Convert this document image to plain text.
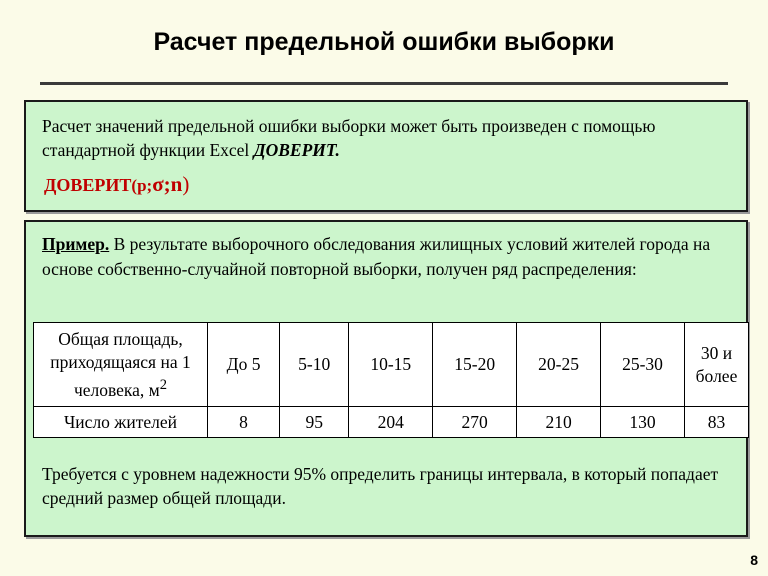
Расчет предельной ошибки выборки
Расчет значений предельной ошибки выборки может быть произведен с помощью стандартной функции Excel ДОВЕРИТ.
ДОВЕРИТ(p;σ;n)
Пример. В результате выборочного обследования жилищных условий жителей города на основе собственно-случайной повторной выборки, получен ряд распределения:
Общая площадь, приходящаяся на 1 человека, $м^2$	До 5	5-10	10-15	15-20	20-25	25-30	30 и более
Число жителей	8	95	204	270	210	130	83
Требуется с уровнем надежности 95% определить границы интервала, в который попадает средний размер общей площади.
8
